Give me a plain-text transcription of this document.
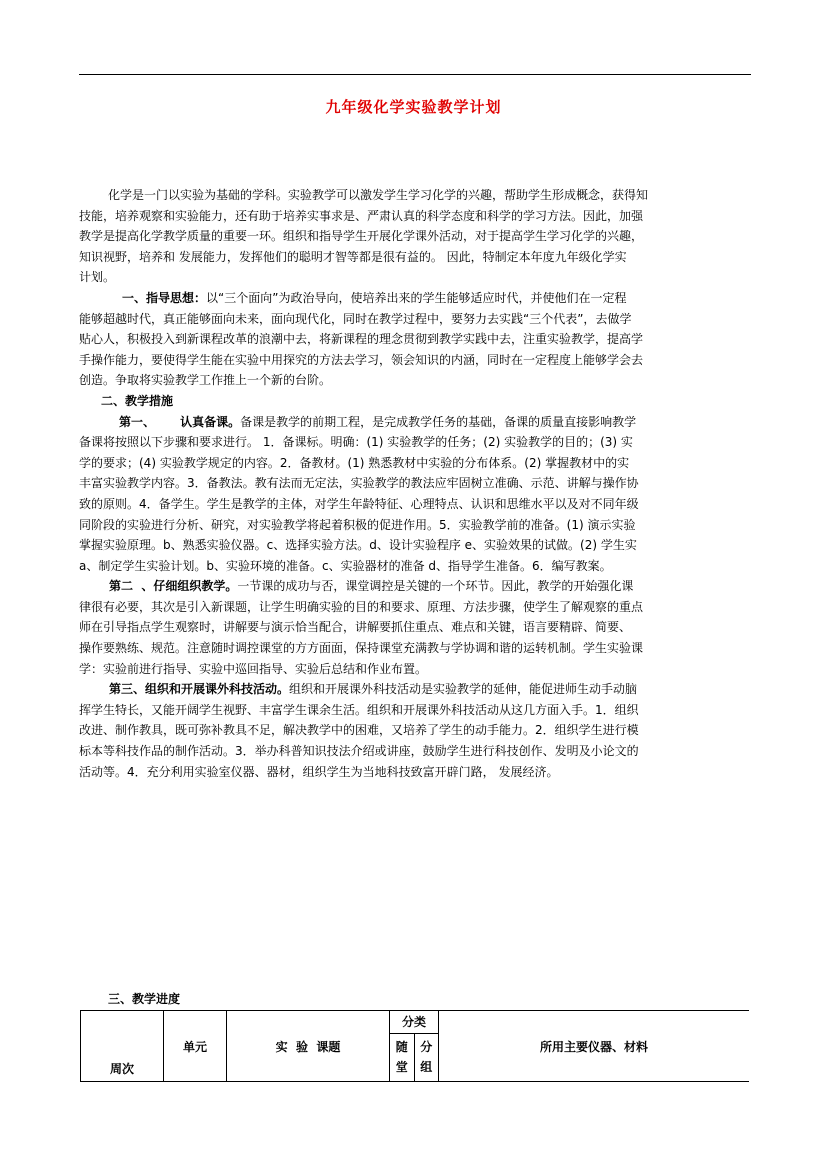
九年级化学实验教学计划

化学是一门以实验为基础的学科。实验教学可以激发学生学习化学的兴趣，帮助学生形成概念，获得知

技能，培养观察和实验能力，还有助于培养实事求是、严肃认真的科学态度和科学的学习方法。因此，加强

教学是提高化学教学质量的重要一环。组织和指导学生开展化学课外活动，对于提高学生学习化学的兴趣，

知识视野，培养和 发展能力，发挥他们的聪明才智等都是很有益的。 因此，特制定本年度九年级化学实

计划。

一、指导思想：以“三个面向”为政治导向，使培养出来的学生能够适应时代，并使他们在一定程

能够超越时代，真正能够面向未来，面向现代化，同时在教学过程中，要努力去实践“三个代表”，去做学

贴心人，积极投入到新课程改革的浪潮中去，将新课程的理念贯彻到教学实践中去，注重实验教学，提高学

手操作能力，要使得学生能在实验中用探究的方法去学习，领会知识的内涵，同时在一定程度上能够学会去

创造。争取将实验教学工作推上一个新的台阶。

二、教学措施

第一、      认真备课。备课是教学的前期工程，是完成教学任务的基础，备课的质量直接影响教学

备课将按照以下步骤和要求进行。 1．备课标。明确：(1) 实验教学的任务；(2) 实验教学的目的；(3) 实

学的要求；(4) 实验教学规定的内容。2．备教材。(1) 熟悉教材中实验的分布体系。(2) 掌握教材中的实

丰富实验教学内容。3．备教法。教有法而无定法，实验教学的教法应牢固树立准确、示范、讲解与操作协

致的原则。4．备学生。学生是教学的主体，对学生年龄特征、心理特点、认识和思维水平以及对不同年级

同阶段的实验进行分析、研究，对实验教学将起着积极的促进作用。5．实验教学前的准备。(1) 演示实验

掌握实验原理。b、熟悉实验仪器。c、选择实验方法。d、设计实验程序 e、实验效果的试做。(2) 学生实

a、制定学生实验计划。b、实验环境的准备。c、实验器材的准备 d、指导学生准备。6．编写教案。

第二  、仔细组织教学。一节课的成功与否，课堂调控是关键的一个环节。因此，教学的开始强化课

律很有必要，其次是引入新课题，让学生明确实验的目的和要求、原理、方法步骤，使学生了解观察的重点

师在引导指点学生观察时，讲解要与演示恰当配合，讲解要抓住重点、难点和关键，语言要精辟、简要、

操作要熟练、规范。注意随时调控课堂的方方面面，保持课堂充满教与学协调和谐的运转机制。学生实验课

学：实验前进行指导、实验中巡回指导、实验后总结和作业布置。

第三、组织和开展课外科技活动。组织和开展课外科技活动是实验教学的延伸，能促进师生动手动脑

挥学生特长，又能开阔学生视野、丰富学生课余生活。组织和开展课外科技活动从这几方面入手。1．组织

改进、制作教具，既可弥补教具不足，解决教学中的困难，又培养了学生的动手能力。2．组织学生进行模

标本等科技作品的制作活动。3．举办科普知识技法介绍或讲座，鼓励学生进行科技创作、发明及小论文的

活动等。4．充分利用实验室仪器、器材，组织学生为当地科技致富开辟门路， 发展经济。

三、教学进度
周次	单元	实  验  课题	分类		所用主要仪器、材料

			随堂	分组	
